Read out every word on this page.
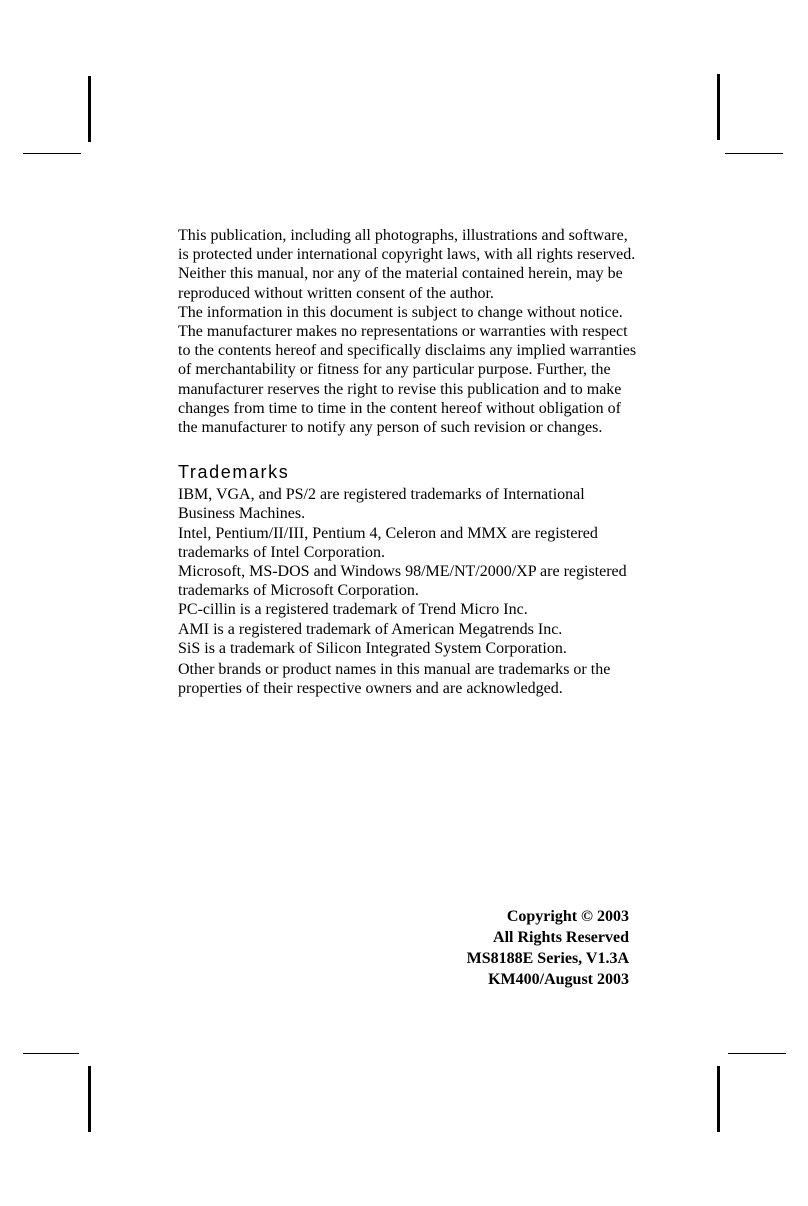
This publication, including all photographs, illustrations and software, is protected under international copyright laws, with all rights reserved. Neither this manual, nor any of the material contained herein, may be reproduced without written consent of the author.

The information in this document is subject to change without notice. The manufacturer makes no representations or warranties with respect to the contents hereof and specifically disclaims any implied warranties of merchantability or fitness for any particular purpose. Further, the manufacturer reserves the right to revise this publication and to make changes from time to time in the content hereof without obligation of the manufacturer to notify any person of such revision or changes.

Trademarks

IBM, VGA, and PS/2 are registered trademarks of International Business Machines.

Intel, Pentium/II/III, Pentium 4, Celeron and MMX are registered trademarks of Intel Corporation.

Microsoft, MS-DOS and Windows 98/ME/NT/2000/XP are registered trademarks of Microsoft Corporation.

PC-cillin is a registered trademark of Trend Micro Inc.

AMI is a registered trademark of American Megatrends Inc.

SiS is a trademark of Silicon Integrated System Corporation.

Other brands or product names in this manual are trademarks or the properties of their respective owners and are acknowledged.

Copyright © 2003
All Rights Reserved
MS8188E Series, V1.3A
KM400/August 2003
